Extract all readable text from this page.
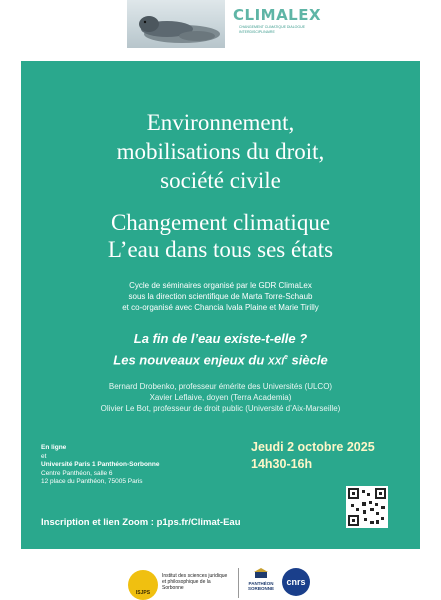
CLIMALEX
CHANGEMENT CLIMATIQUE DIALOGUE INTERDISCIPLINAIRE
Environnement,
mobilisations du droit,
société civile
Changement climatique
L’eau dans tous ses états
Cycle de séminaires organisé par le GDR ClimaLex
sous la direction scientifique de Marta Torre-Schaub
et co-organisé avec Chancia Ivala Plaine et Marie Tirilly
La fin de l’eau existe-t-elle ?
Les nouveaux enjeux du XXIe siècle
Bernard Drobenko, professeur émérite des Universités (ULCO)
Xavier Leflaive, doyen (Terra Academia)
Olivier Le Bot, professeur de droit public (Université d’Aix-Marseille)
En ligne
et
Université Paris 1 Panthéon-Sorbonne
Centre Panthéon, salle 6
12 place du Panthéon, 75005 Paris
Jeudi 2 octobre 2025
14h30-16h
Inscription et lien Zoom : p1ps.fr/Climat-Eau
ISJPS
Institut des sciences juridique et philosophique de la Sorbonne
PANTHÉON SORBONNE
cnrs
